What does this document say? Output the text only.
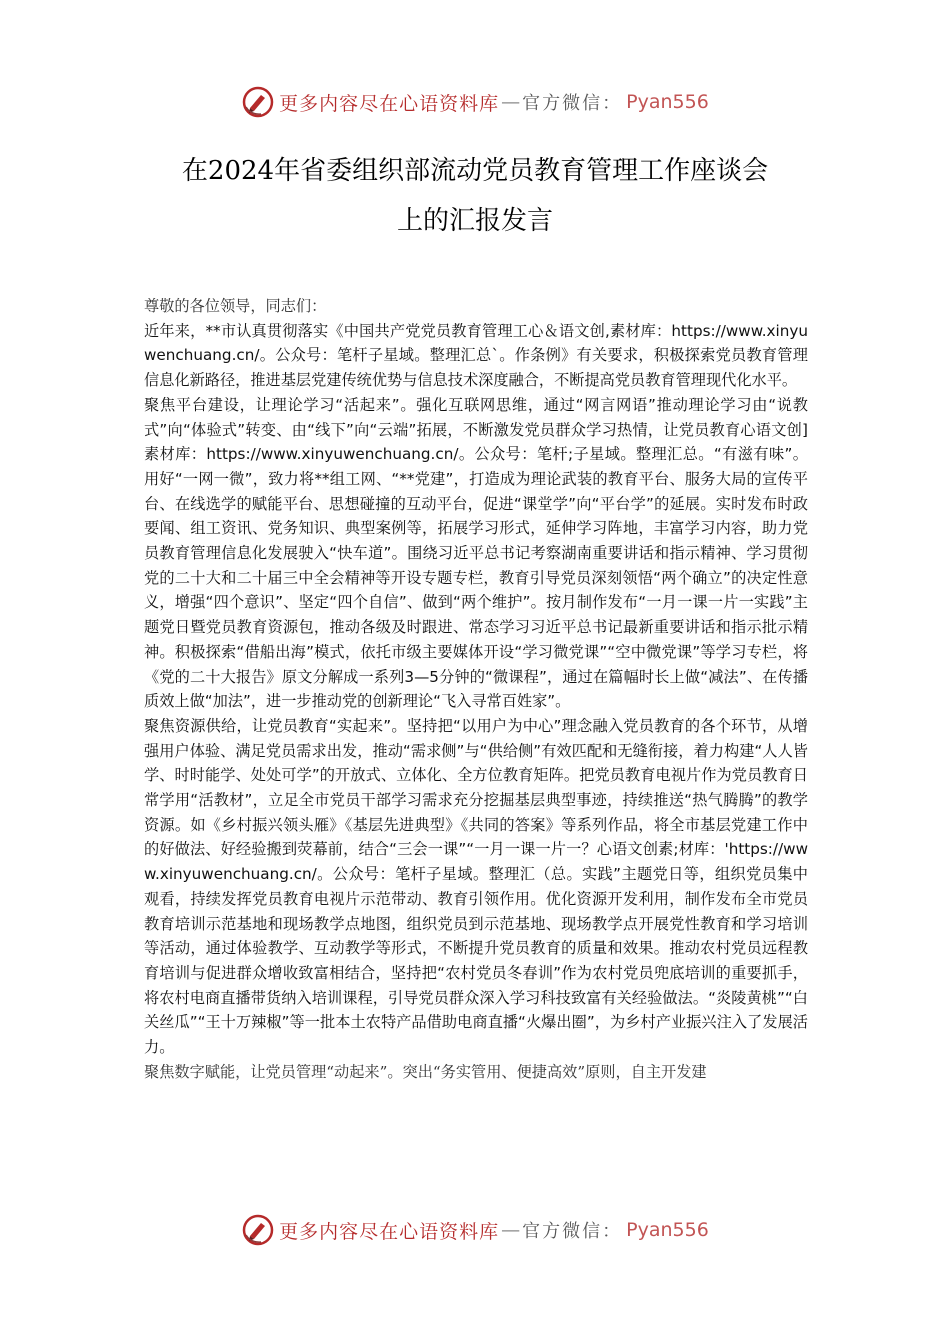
更多内容尽在心语资料库 — 官方微信： Pyan556
在2024年省委组织部流动党员教育管理工作座谈会
上的汇报发言

尊敬的各位领导，同志们：

近年来，**市认真贯彻落实《中国共产党党员教育管理工心＆语文创,素材库：https://www.xinyuwenchuang.cn/。公众号：笔杆子星域。整理汇总`。作条例》有关要求，积极探索党员教育管理信息化新路径，推进基层党建传统优势与信息技术深度融合，不断提高党员教育管理现代化水平。

聚焦平台建设，让理论学习“活起来”。强化互联网思维，通过“网言网语”推动理论学习由“说教式”向“体验式”转变、由“线下”向“云端”拓展，不断激发党员群众学习热情，让党员教育心语文创]素材库：https://www.xinyuwenchuang.cn/。公众号：笔杆;子星域。整理汇总。“有滋有味”。用好“一网一微”，致力将**组工网、“**党建”，打造成为理论武装的教育平台、服务大局的宣传平台、在线选学的赋能平台、思想碰撞的互动平台，促进“课堂学”向“平台学”的延展。实时发布时政要闻、组工资讯、党务知识、典型案例等，拓展学习形式，延伸学习阵地，丰富学习内容，助力党员教育管理信息化发展驶入“快车道”。围绕习近平总书记考察湖南重要讲话和指示精神、学习贯彻党的二十大和二十届三中全会精神等开设专题专栏，教育引导党员深刻领悟“两个确立”的决定性意义，增强“四个意识”、坚定“四个自信”、做到“两个维护”。按月制作发布“一月一课一片一实践”主题党日暨党员教育资源包，推动各级及时跟进、常态学习习近平总书记最新重要讲话和指示批示精神。积极探索“借船出海”模式，依托市级主要媒体开设“学习微党课”“空中微党课”等学习专栏，将《党的二十大报告》原文分解成一系列3—5分钟的“微课程”，通过在篇幅时长上做“减法”、在传播质效上做“加法”，进一步推动党的创新理论“飞入寻常百姓家”。

聚焦资源供给，让党员教育“实起来”。坚持把“以用户为中心”理念融入党员教育的各个环节，从增强用户体验、满足党员需求出发，推动“需求侧”与“供给侧”有效匹配和无缝衔接，着力构建“人人皆学、时时能学、处处可学”的开放式、立体化、全方位教育矩阵。把党员教育电视片作为党员教育日常学用“活教材”，立足全市党员干部学习需求充分挖掘基层典型事迹，持续推送“热气腾腾”的教学资源。如《乡村振兴领头雁》《基层先进典型》《共同的答案》等系列作品，将全市基层党建工作中的好做法、好经验搬到荧幕前，结合“三会一课”“一月一课一片一？心语文创素;材库：'https://www.xinyuwenchuang.cn/。公众号：笔杆子星域。整理汇（总。实践”主题党日等，组织党员集中观看，持续发挥党员教育电视片示范带动、教育引领作用。优化资源开发利用，制作发布全市党员教育培训示范基地和现场教学点地图，组织党员到示范基地、现场教学点开展党性教育和学习培训等活动，通过体验教学、互动教学等形式，不断提升党员教育的质量和效果。推动农村党员远程教育培训与促进群众增收致富相结合，坚持把“农村党员冬春训”作为农村党员兜底培训的重要抓手，将农村电商直播带货纳入培训课程，引导党员群众深入学习科技致富有关经验做法。“炎陵黄桃”“白关丝瓜”“王十万辣椒”等一批本土农特产品借助电商直播“火爆出圈”，为乡村产业振兴注入了发展活力。

聚焦数字赋能，让党员管理“动起来”。突出“务实管用、便捷高效”原则，自主开发建

更多内容尽在心语资料库 — 官方微信： Pyan556
